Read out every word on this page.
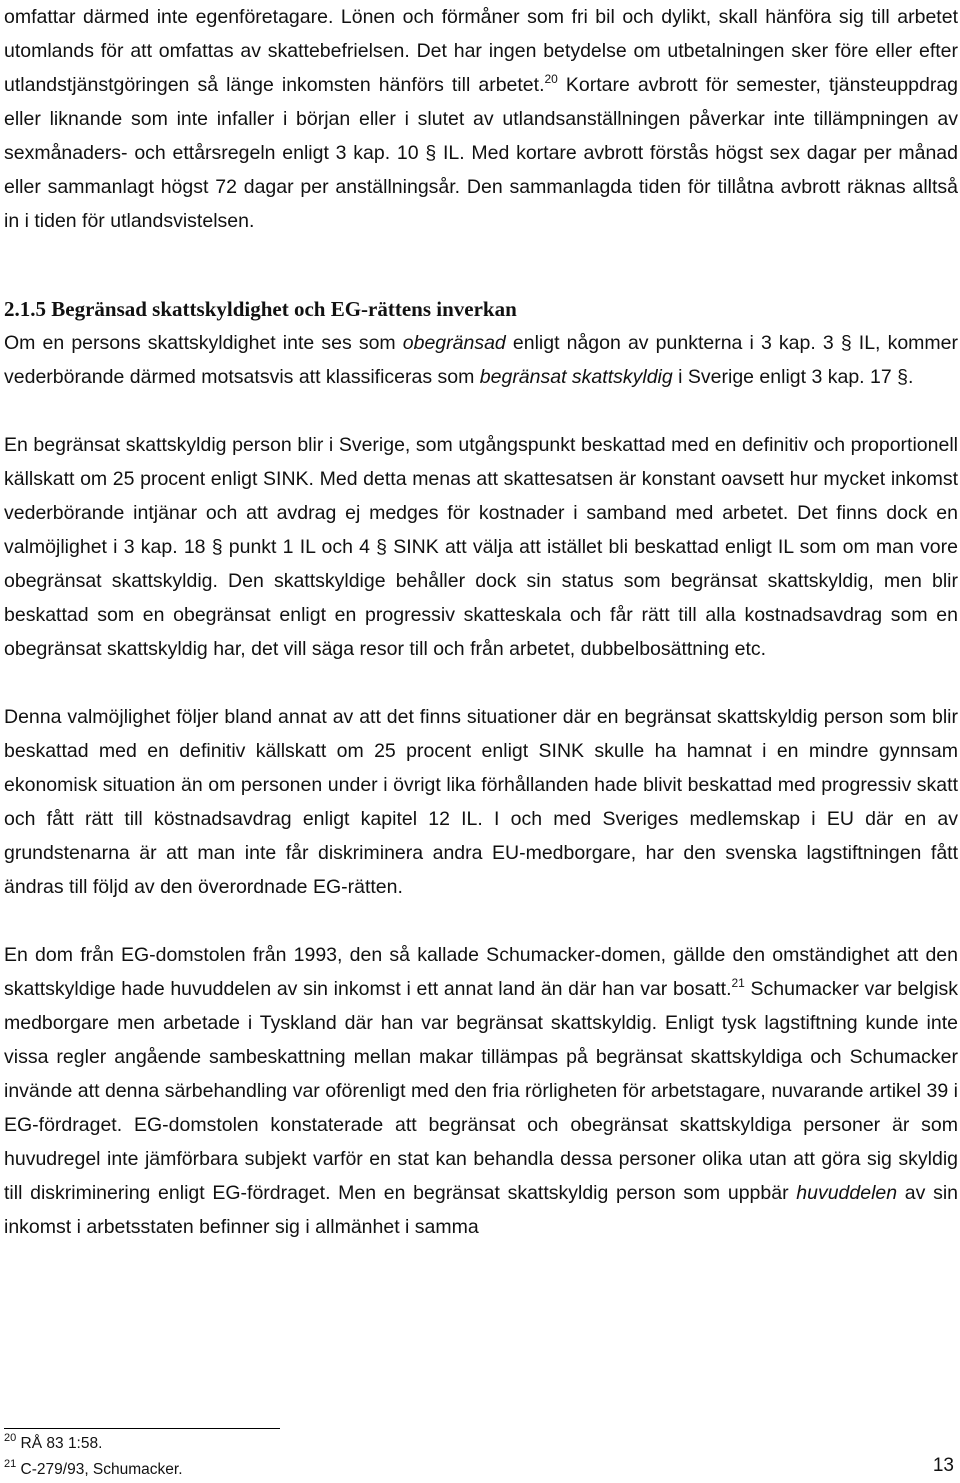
omfattar därmed inte egenföretagare. Lönen och förmåner som fri bil och dylikt, skall hänföra sig till arbetet utomlands för att omfattas av skattebefrielsen. Det har ingen betydelse om utbetalningen sker före eller efter utlandstjänstgöringen så länge inkomsten hänförs till arbetet.$^{20}$ Kortare avbrott för semester, tjänsteuppdrag eller liknande som inte infaller i början eller i slutet av utlandsanställningen påverkar inte tillämpningen av sexmånaders- och ettårsregeln enligt 3 kap. 10 § IL. Med kortare avbrott förstås högst sex dagar per månad eller sammanlagt högst 72 dagar per anställningsår. Den sammanlagda tiden för tillåtna avbrott räknas alltså in i tiden för utlandsvistelsen.

2.1.5 Begränsad skattskyldighet och EG-rättens inverkan

Om en persons skattskyldighet inte ses som obegränsad enligt någon av punkterna i 3 kap. 3 § IL, kommer vederbörande därmed motsatsvis att klassificeras som begränsat skattskyldig i Sverige enligt 3 kap. 17 §.

En begränsat skattskyldig person blir i Sverige, som utgångspunkt beskattad med en definitiv och proportionell källskatt om 25 procent enligt SINK. Med detta menas att skattesatsen är konstant oavsett hur mycket inkomst vederbörande intjänar och att avdrag ej medges för kostnader i samband med arbetet. Det finns dock en valmöjlighet i 3 kap. 18 § punkt 1 IL och 4 § SINK att välja att istället bli beskattad enligt IL som om man vore obegränsat skattskyldig. Den skattskyldige behåller dock sin status som begränsat skattskyldig, men blir beskattad som en obegränsat enligt en progressiv skatteskala och får rätt till alla kostnadsavdrag som en obegränsat skattskyldig har, det vill säga resor till och från arbetet, dubbelbosättning etc.

Denna valmöjlighet följer bland annat av att det finns situationer där en begränsat skattskyldig person som blir beskattad med en definitiv källskatt om 25 procent enligt SINK skulle ha hamnat i en mindre gynnsam ekonomisk situation än om personen under i övrigt lika förhållanden hade blivit beskattad med progressiv skatt och fått rätt till köstnadsavdrag enligt kapitel 12 IL. I och med Sveriges medlemskap i EU där en av grundstenarna är att man inte får diskriminera andra EU-medborgare, har den svenska lagstiftningen fått ändras till följd av den överordnade EG-rätten.

En dom från EG-domstolen från 1993, den så kallade Schumacker-domen, gällde den omständighet att den skattskyldige hade huvuddelen av sin inkomst i ett annat land än där han var bosatt.$^{21}$ Schumacker var belgisk medborgare men arbetade i Tyskland där han var begränsat skattskyldig. Enligt tysk lagstiftning kunde inte vissa regler angående sambeskattning mellan makar tillämpas på begränsat skattskyldiga och Schumacker invände att denna särbehandling var oförenligt med den fria rörligheten för arbetstagare, nuvarande artikel 39 i EG-fördraget. EG-domstolen konstaterade att begränsat och obegränsat skattskyldiga personer är som huvudregel inte jämförbara subjekt varför en stat kan behandla dessa personer olika utan att göra sig skyldig till diskriminering enligt EG-fördraget. Men en begränsat skattskyldig person som uppbär huvuddelen av sin inkomst i arbetsstaten befinner sig i allmänhet i samma

$^{20}$ RÅ 83 1:58.
$^{21}$ C-279/93, Schumacker.	13
